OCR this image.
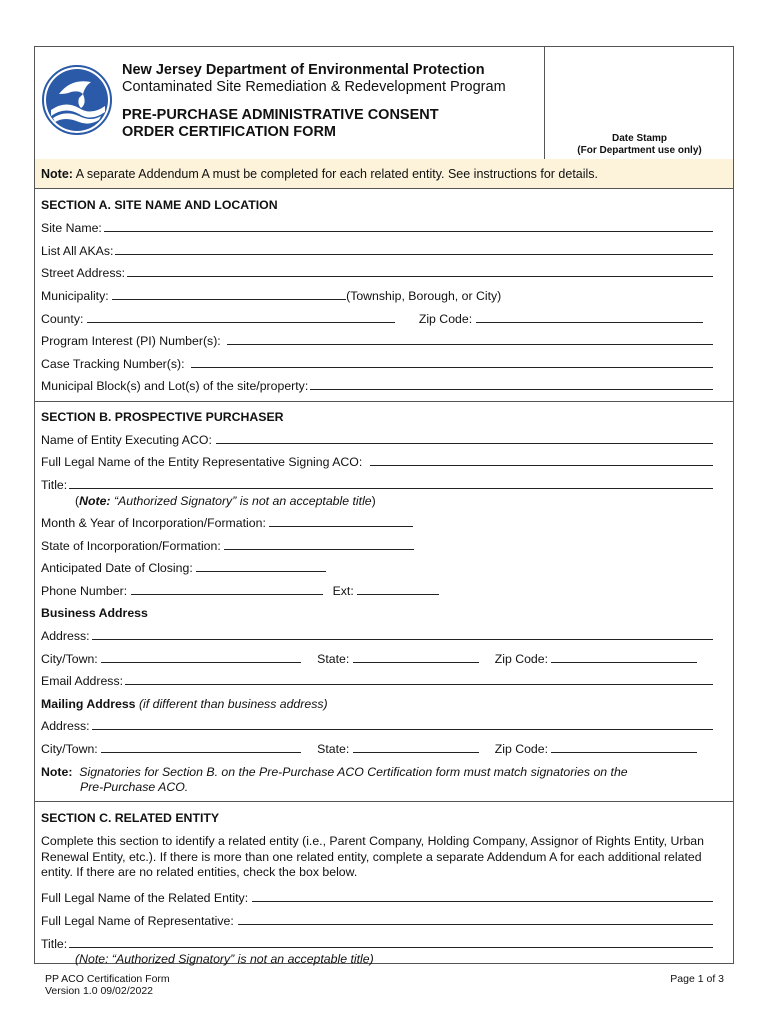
New Jersey Department of Environmental Protection
Contaminated Site Remediation & Redevelopment Program
PRE-PURCHASE ADMINISTRATIVE CONSENT
ORDER CERTIFICATION FORM	Date Stamp
(For Department use only)
Note: A separate Addendum A must be completed for each related entity. See instructions for details.
SECTION A. SITE NAME AND LOCATION
Site Name:
List All AKAs:
Street Address:
Municipality:	(Township, Borough, or City)
County:	Zip Code:
Program Interest (PI) Number(s):
Case Tracking Number(s):
Municipal Block(s) and Lot(s) of the site/property:
SECTION B. PROSPECTIVE PURCHASER
Name of Entity Executing ACO:
Full Legal Name of the Entity Representative Signing ACO:
Title:
(Note: “Authorized Signatory” is not an acceptable title)
Month & Year of Incorporation/Formation:
State of Incorporation/Formation:
Anticipated Date of Closing:
Phone Number:	Ext:
Business Address
Address:
City/Town:	State:	Zip Code:
Email Address:
Mailing Address (if different than business address)
Address:
City/Town:	State:	Zip Code:
Note: Signatories for Section B. on the Pre-Purchase ACO Certification form must match signatories on the
Pre-Purchase ACO.
SECTION C. RELATED ENTITY
Complete this section to identify a related entity (i.e., Parent Company, Holding Company, Assignor of Rights Entity, Urban Renewal Entity, etc.). If there is more than one related entity, complete a separate Addendum A for each additional related entity. If there are no related entities, check the box below.
Full Legal Name of the Related Entity:
Full Legal Name of Representative:
Title:
(Note: “Authorized Signatory” is not an acceptable title)
PP ACO Certification Form
Version 1.0 09/02/2022
Page 1 of 3
